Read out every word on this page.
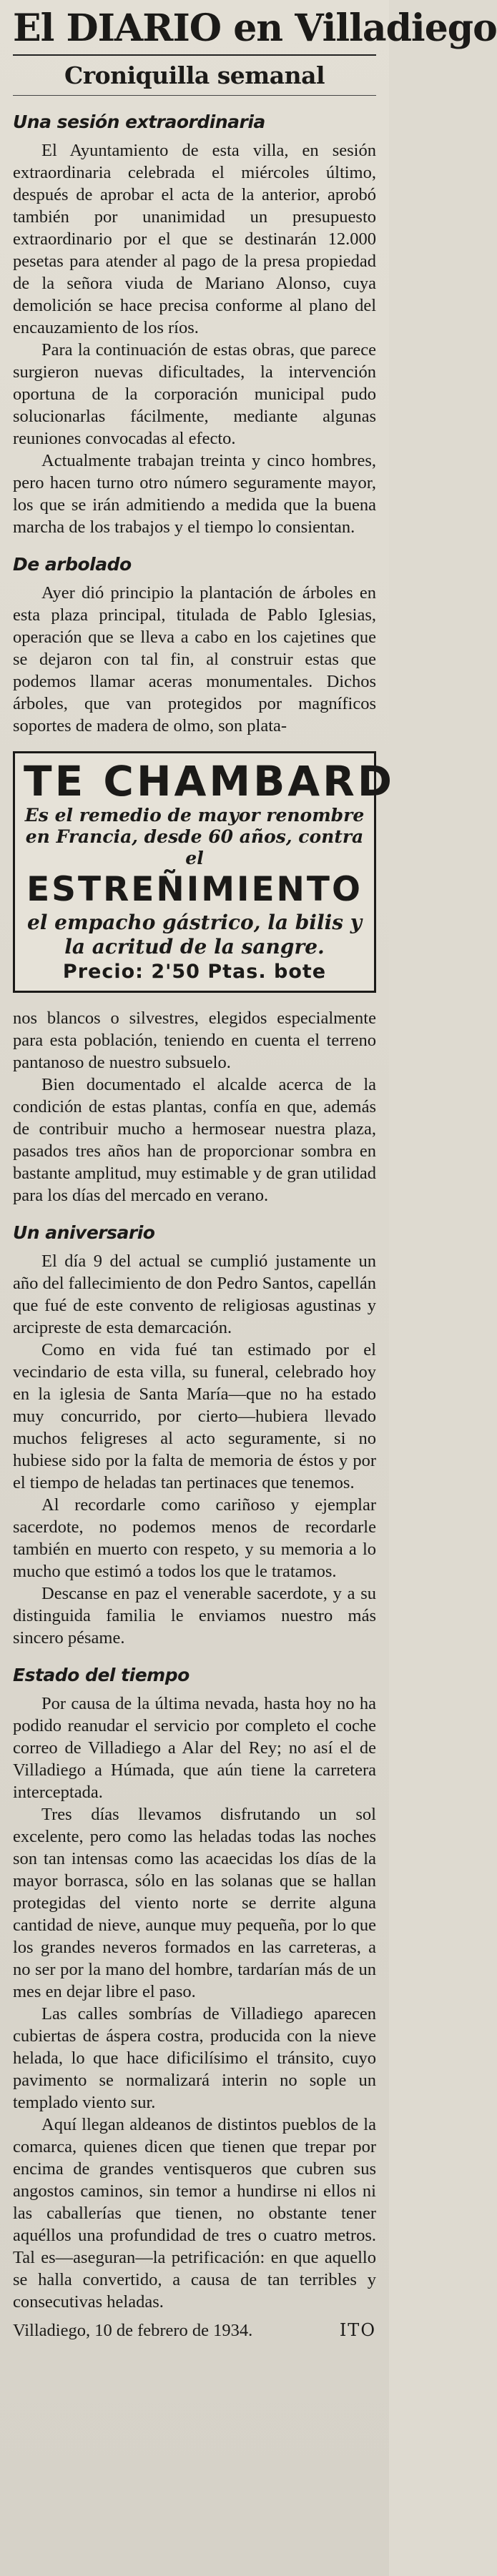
El DIARIO en Villadiego
Croniquilla semanal
Una sesión extraordinaria

El Ayuntamiento de esta villa, en sesión extraordinaria celebrada el miércoles último, después de aprobar el acta de la anterior, aprobó también por unanimidad un presupuesto extraordinario por el que se destinarán 12.000 pesetas para atender al pago de la presa propiedad de la señora viuda de Mariano Alonso, cuya demolición se hace precisa conforme al plano del encauzamiento de los ríos.

Para la continuación de estas obras, que parece surgieron nuevas dificultades, la intervención oportuna de la corporación municipal pudo solucionarlas fácilmente, mediante algunas reuniones convocadas al efecto.

Actualmente trabajan treinta y cinco hombres, pero hacen turno otro número seguramente mayor, los que se irán admitiendo a medida que la buena marcha de los trabajos y el tiempo lo consientan.

De arbolado

Ayer dió principio la plantación de árboles en esta plaza principal, titulada de Pablo Iglesias, operación que se lleva a cabo en los cajetines que se dejaron con tal fin, al construir estas que podemos llamar aceras monumentales. Dichos árboles, que van protegidos por magníficos soportes de madera de olmo, son plata-

TE CHAMBARD
Es el remedio de mayor renombre en Francia, desde 60 años, contra el
ESTREÑIMIENTO
el empacho gástrico, la bilis y la acritud de la sangre.
Precio: 2'50 Ptas. bote

nos blancos o silvestres, elegidos especialmente para esta población, teniendo en cuenta el terreno pantanoso de nuestro subsuelo.

Bien documentado el alcalde acerca de la condición de estas plantas, confía en que, además de contribuir mucho a hermosear nuestra plaza, pasados tres años han de proporcionar sombra en bastante amplitud, muy estimable y de gran utilidad para los días del mercado en verano.

Un aniversario

El día 9 del actual se cumplió justamente un año del fallecimiento de don Pedro Santos, capellán que fué de este convento de religiosas agustinas y arcipreste de esta demarcación.

Como en vida fué tan estimado por el vecindario de esta villa, su funeral, celebrado hoy en la iglesia de Santa María—que no ha estado muy concurrido, por cierto—hubiera llevado muchos feligreses al acto seguramente, si no hubiese sido por la falta de memoria de éstos y por el tiempo de heladas tan pertinaces que tenemos.

Al recordarle como cariñoso y ejemplar sacerdote, no podemos menos de recordarle también en muerto con respeto, y su memoria a lo mucho que estimó a todos los que le tratamos.

Descanse en paz el venerable sacerdote, y a su distinguida familia le enviamos nuestro más sincero pésame.

Estado del tiempo

Por causa de la última nevada, hasta hoy no ha podido reanudar el servicio por completo el coche correo de Villadiego a Alar del Rey; no así el de Villadiego a Húmada, que aún tiene la carretera interceptada.

Tres días llevamos disfrutando un sol excelente, pero como las heladas todas las noches son tan intensas como las acaecidas los días de la mayor borrasca, sólo en las solanas que se hallan protegidas del viento norte se derrite alguna cantidad de nieve, aunque muy pequeña, por lo que los grandes neveros formados en las carreteras, a no ser por la mano del hombre, tardarían más de un mes en dejar libre el paso.

Las calles sombrías de Villadiego aparecen cubiertas de áspera costra, producida con la nieve helada, lo que hace dificilísimo el tránsito, cuyo pavimento se normalizará interin no sople un templado viento sur.

Aquí llegan aldeanos de distintos pueblos de la comarca, quienes dicen que tienen que trepar por encima de grandes ventisqueros que cubren sus angostos caminos, sin temor a hundirse ni ellos ni las caballerías que tienen, no obstante tener aquéllos una profundidad de tres o cuatro metros. Tal es—aseguran—la petrificación: en que aquello se halla convertido, a causa de tan terribles y consecutivas heladas.

Villadiego, 10 de febrero de 1934.	ITO
